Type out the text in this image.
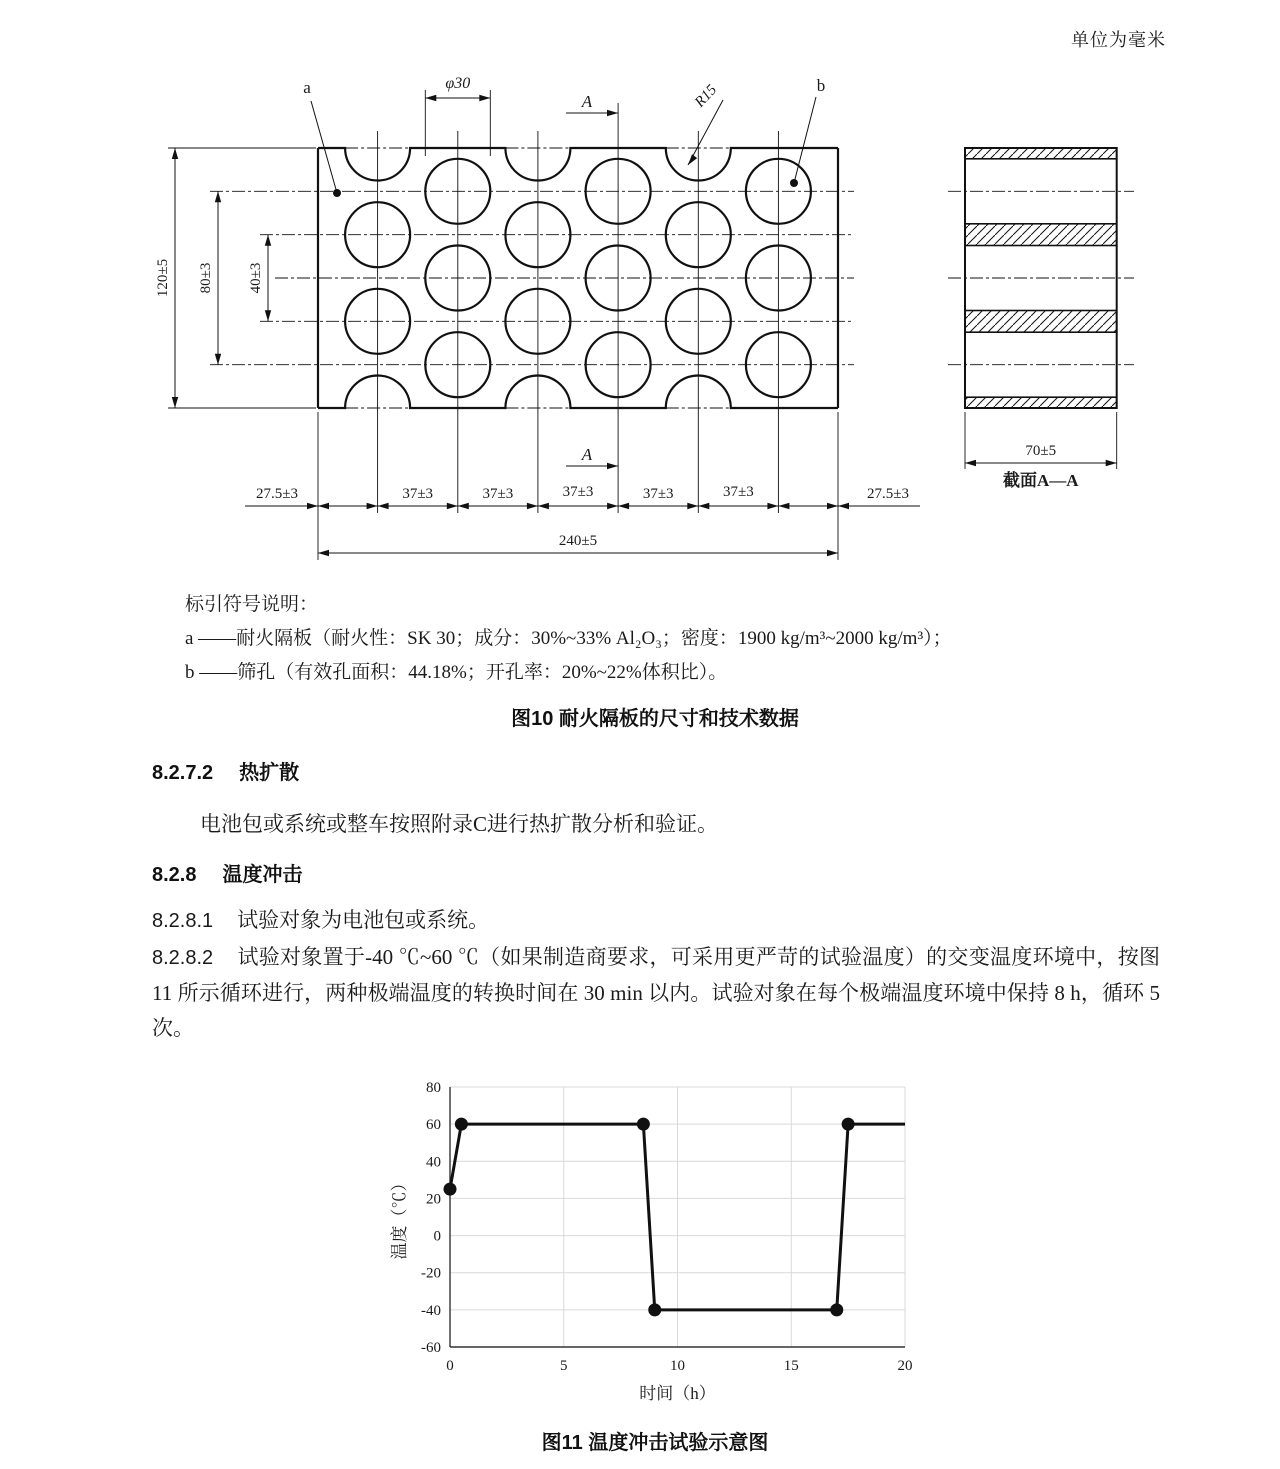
单位为毫米
a	b
φ30	R15
A
A
120±5 80±3 40±3
27.5±3	37±3	37±3	37±3	37±3	37±3	27.5±3
240±5
70±5
截面A—A
标引符号说明：
a ——耐火隔板（耐火性：SK 30；成分：30%~33% Al₂O₃；密度：1900 kg/m³~2000 kg/m³）；
b ——筛孔（有效孔面积：44.18%；开孔率：20%~22%体积比）。
图10 耐火隔板的尺寸和技术数据
8.2.7.2 热扩散
电池包或系统或整车按照附录C进行热扩散分析和验证。
8.2.8 温度冲击
8.2.8.1 试验对象为电池包或系统。
8.2.8.2 试验对象置于-40 ℃~60 ℃（如果制造商要求，可采用更严苛的试验温度）的交变温度环境中，按图 11 所示循环进行，两种极端温度的转换时间在 30 min 以内。试验对象在每个极端温度环境中保持 8 h，循环 5 次。
-60
-40
-20
0
20
40
60
80
0	5	10	15	20
时间（h）
温度（℃）
图11 温度冲击试验示意图
